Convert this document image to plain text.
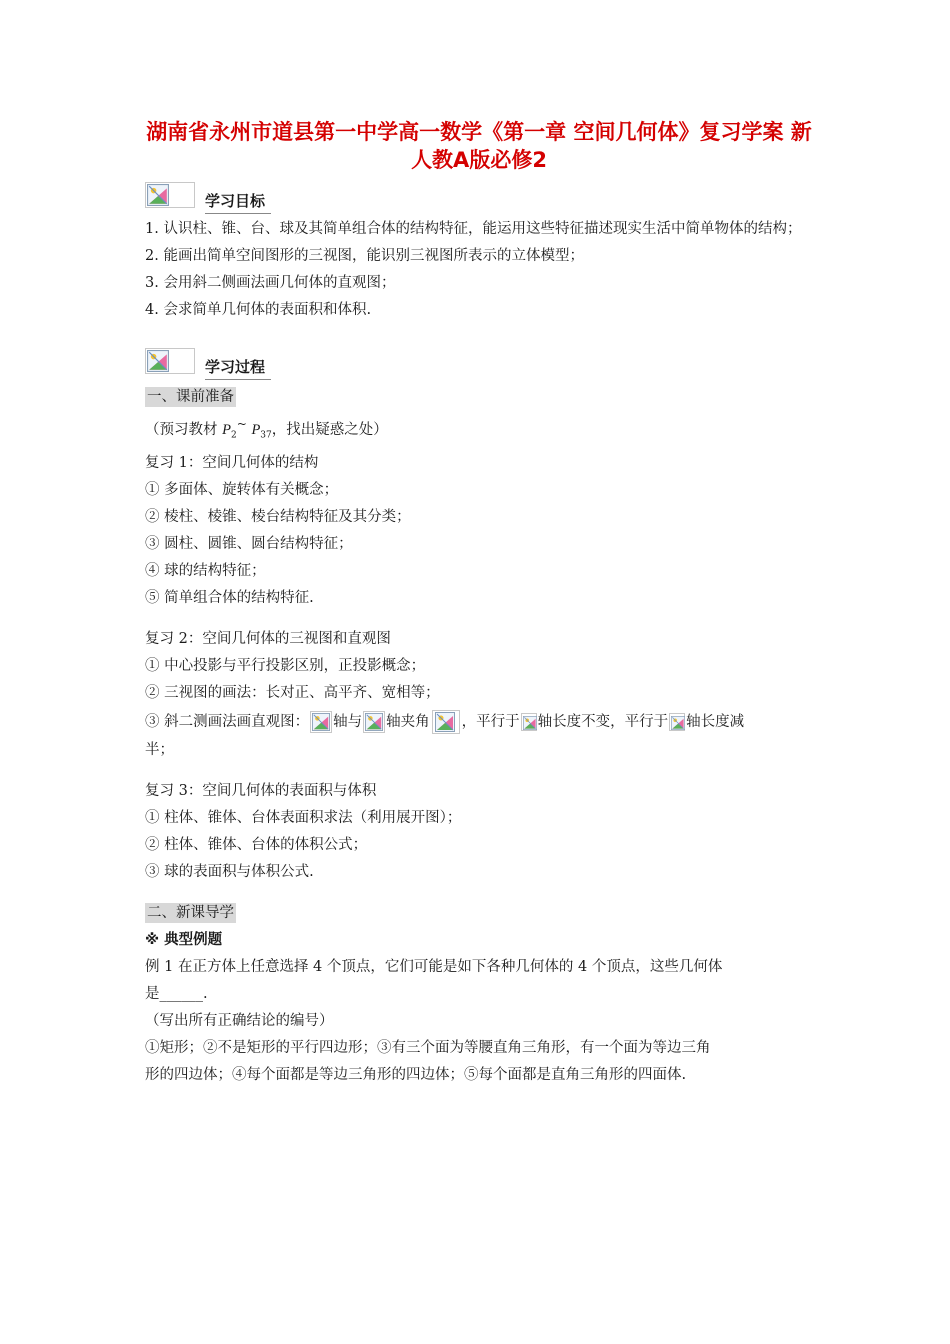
湖南省永州市道县第一中学高一数学《第一章 空间几何体》复习学案 新人教A版必修2
学习目标
1. 认识柱、锥、台、球及其简单组合体的结构特征，能运用这些特征描述现实生活中简单物体的结构；
2. 能画出简单空间图形的三视图，能识别三视图所表示的立体模型；
3. 会用斜二侧画法画几何体的直观图；
4. 会求简单几何体的表面积和体积.
学习过程
一、课前准备
（预习教材 $P_2^\sim$ $P_{37}$，找出疑惑之处）
复习 1：空间几何体的结构
① 多面体、旋转体有关概念；
② 棱柱、棱锥、棱台结构特征及其分类；
③ 圆柱、圆锥、圆台结构特征；
④ 球的结构特征；
⑤ 简单组合体的结构特征.
复习 2：空间几何体的三视图和直观图
① 中心投影与平行投影区别，正投影概念；
② 三视图的画法：长对正、高平齐、宽相等；
③ 斜二测画法画直观图： 轴与 轴夹角 ，平行于 轴长度不变，平行于 轴长度减
半；
复习 3：空间几何体的表面积与体积
① 柱体、锥体、台体表面积求法（利用展开图）；
② 柱体、锥体、台体的体积公式；
③ 球的表面积与体积公式.
二、新课导学
※ 典型例题
例 1 在正方体上任意选择 4 个顶点，它们可能是如下各种几何体的 4 个顶点，这些几何体
是______.
（写出所有正确结论的编号）
①矩形；②不是矩形的平行四边形；③有三个面为等腰直角三角形，有一个面为等边三角
形的四边体；④每个面都是等边三角形的四边体；⑤每个面都是直角三角形的四面体.
